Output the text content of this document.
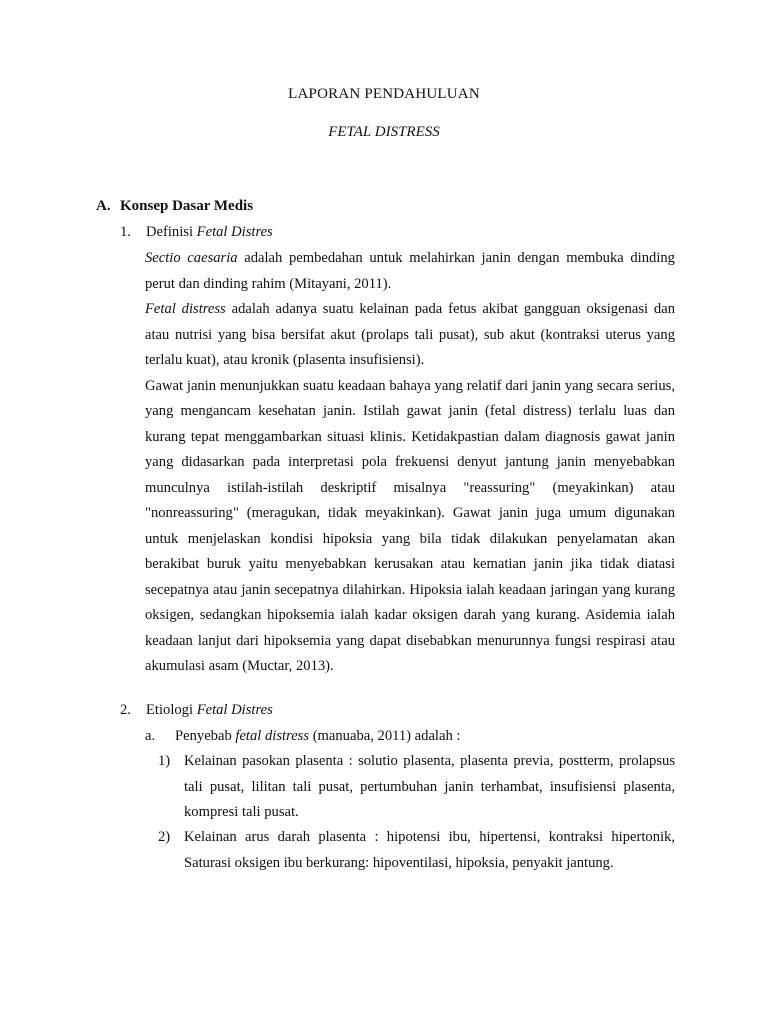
LAPORAN PENDAHULUAN
FETAL DISTRESS
A. Konsep Dasar Medis
1. Definisi Fetal Distres

Sectio caesaria adalah pembedahan untuk melahirkan janin dengan membuka dinding perut dan dinding rahim (Mitayani, 2011).

Fetal distress adalah adanya suatu kelainan pada fetus akibat gangguan oksigenasi dan atau nutrisi yang bisa bersifat akut (prolaps tali pusat), sub akut (kontraksi uterus yang terlalu kuat), atau kronik (plasenta insufisiensi).

Gawat janin menunjukkan suatu keadaan bahaya yang relatif dari janin yang secara serius, yang mengancam kesehatan janin. Istilah gawat janin (fetal distress) terlalu luas dan kurang tepat menggambarkan situasi klinis. Ketidakpastian dalam diagnosis gawat janin yang didasarkan pada interpretasi pola frekuensi denyut jantung janin menyebabkan munculnya istilah-istilah deskriptif misalnya "reassuring" (meyakinkan) atau "nonreassuring" (meragukan, tidak meyakinkan). Gawat janin juga umum digunakan untuk menjelaskan kondisi hipoksia yang bila tidak dilakukan penyelamatan akan berakibat buruk yaitu menyebabkan kerusakan atau kematian janin jika tidak diatasi secepatnya atau janin secepatnya dilahirkan. Hipoksia ialah keadaan jaringan yang kurang oksigen, sedangkan hipoksemia ialah kadar oksigen darah yang kurang. Asidemia ialah keadaan lanjut dari hipoksemia yang dapat disebabkan menurunnya fungsi respirasi atau akumulasi asam (Muctar, 2013).

2. Etiologi Fetal Distres
a. Penyebab fetal distress (manuaba, 2011) adalah :
1) Kelainan pasokan plasenta : solutio plasenta, plasenta previa, postterm, prolapsus tali pusat, lilitan tali pusat, pertumbuhan janin terhambat, insufisiensi plasenta, kompresi tali pusat.
2) Kelainan arus darah plasenta : hipotensi ibu, hipertensi, kontraksi hipertonik, Saturasi oksigen ibu berkurang: hipoventilasi, hipoksia, penyakit jantung.
